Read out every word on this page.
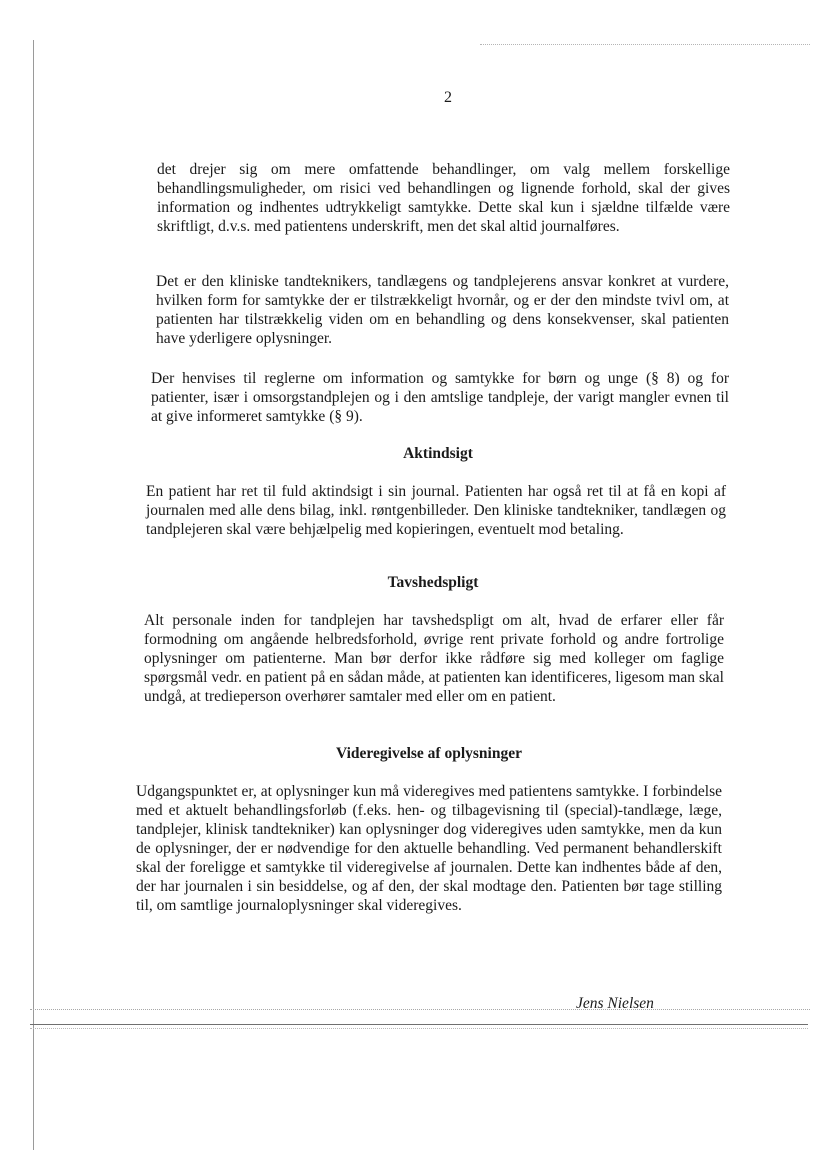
2

det drejer sig om mere omfattende behandlinger, om valg mellem forskellige behandlingsmuligheder, om risici ved behandlingen og lignende forhold, skal der gives information og indhentes udtrykkeligt samtykke. Dette skal kun i sjældne tilfælde være skriftligt, d.v.s. med patientens underskrift, men det skal altid journalføres.

Det er den kliniske tandteknikers, tandlægens og tandplejerens ansvar konkret at vurdere, hvilken form for samtykke der er tilstrækkeligt hvornår, og er der den mindste tvivl om, at patienten har tilstrækkelig viden om en behandling og dens konsekvenser, skal patienten have yderligere oplysninger.

Der henvises til reglerne om information og samtykke for børn og unge (§ 8) og for patienter, især i omsorgstandplejen og i den amtslige tandpleje, der varigt mangler evnen til at give informeret samtykke (§ 9).

Aktindsigt

En patient har ret til fuld aktindsigt i sin journal. Patienten har også ret til at få en kopi af journalen med alle dens bilag, inkl. røntgenbilleder. Den kliniske tandtekniker, tandlægen og tandplejeren skal være behjælpelig med kopieringen, eventuelt mod betaling.

Tavshedspligt

Alt personale inden for tandplejen har tavshedspligt om alt, hvad de erfarer eller får formodning om angående helbredsforhold, øvrige rent private forhold og andre fortrolige oplysninger om patienterne. Man bør derfor ikke rådføre sig med kolleger om faglige spørgsmål vedr. en patient på en sådan måde, at patienten kan identificeres, ligesom man skal undgå, at tredieperson overhører samtaler med eller om en patient.

Videregivelse af oplysninger

Udgangspunktet er, at oplysninger kun må videregives med patientens samtykke. I forbindelse med et aktuelt behandlingsforløb (f.eks. hen- og tilbagevisning til (special)-tandlæge, læge, tandplejer, klinisk tandtekniker) kan oplysninger dog videregives uden samtykke, men da kun de oplysninger, der er nødvendige for den aktuelle behandling. Ved permanent behandlerskift skal der foreligge et samtykke til videregivelse af journalen. Dette kan indhentes både af den, der har journalen i sin besiddelse, og af den, der skal modtage den. Patienten bør tage stilling til, om samtlige journaloplysninger skal videregives.

Jens Nielsen
